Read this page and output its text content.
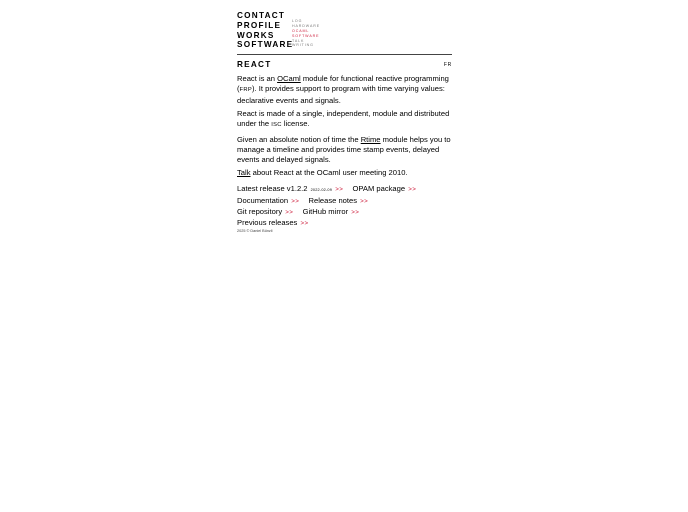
CONTACT
PROFILE
WORKS
SOFTWARE
LOG
HARDWARE
OCAML
SOFTWARE
TALK
WRITING
REACT	FR

React is an OCaml module for functional reactive programming (FRP). It provides support to program with time varying values: declarative events and signals.

React is made of a single, independent, module and distributed under the ISC license.

Given an absolute notion of time the Rtime module helps you to manage a timeline and provides time stamp events, delayed events and delayed signals.

Talk about React at the OCaml user meeting 2010.

Latest release v1.2.2 2022-02-09 >> OPAM package >>
Documentation >> Release notes >>
Git repository >> GitHub mirror >>
Previous releases >>
2025 © Daniel Bünzli
